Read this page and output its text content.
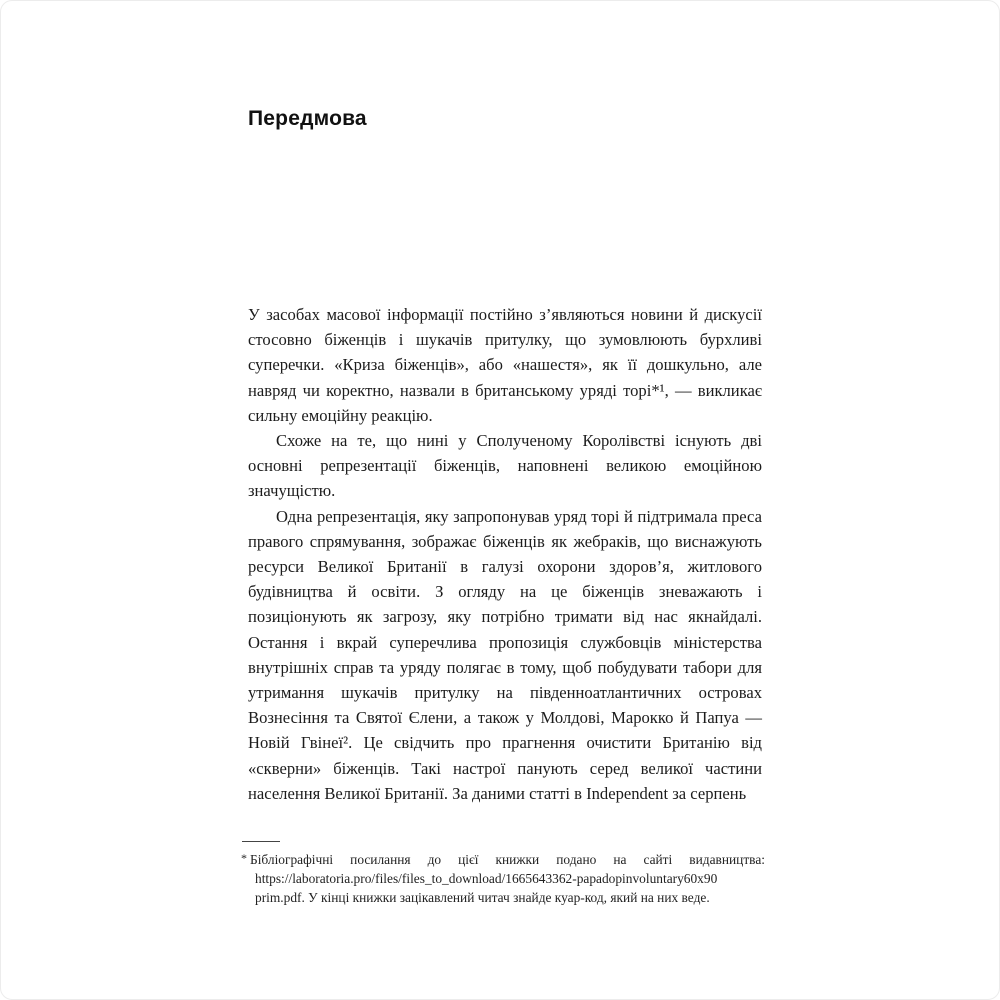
Передмова

У засобах масової інформації постійно з’являються новини й дискусії стосовно біженців і шукачів притулку, що зумовлюють бурхливі суперечки. «Криза біженців», або «нашестя», як її дошкульно, але навряд чи коректно, назвали в британському уряді торі*¹, — викликає сильну емоційну реакцію.

Схоже на те, що нині у Сполученому Королівстві існують дві основні репрезентації біженців, наповнені великою емоційною значущістю.

Одна репрезентація, яку запропонував уряд торі й підтримала преса правого спрямування, зображає біженців як жебраків, що виснажують ресурси Великої Британії в галузі охорони здоров’я, житлового будівництва й освіти. З огляду на це біженців зневажають і позиціонують як загрозу, яку потрібно тримати від нас якнайдалі. Остання і вкрай суперечлива пропозиція службовців міністерства внутрішніх справ та уряду полягає в тому, щоб побудувати табори для утримання шукачів притулку на південноатлантичних островах Вознесіння та Святої Єлени, а також у Молдові, Марокко й Папуа — Новій Гвінеї². Це свідчить про прагнення очистити Британію від «скверни» біженців. Такі настрої панують серед великої частини населення Великої Британії. За даними статті в Independent за серпень

* Бібліографічні посилання до цієї книжки подано на сайті видавництва: https://laboratoria.pro/files/files_to_download/1665643362-papadopinvoluntary60x90 prim.pdf. У кінці книжки зацікавлений читач знайде куар-код, який на них веде.
